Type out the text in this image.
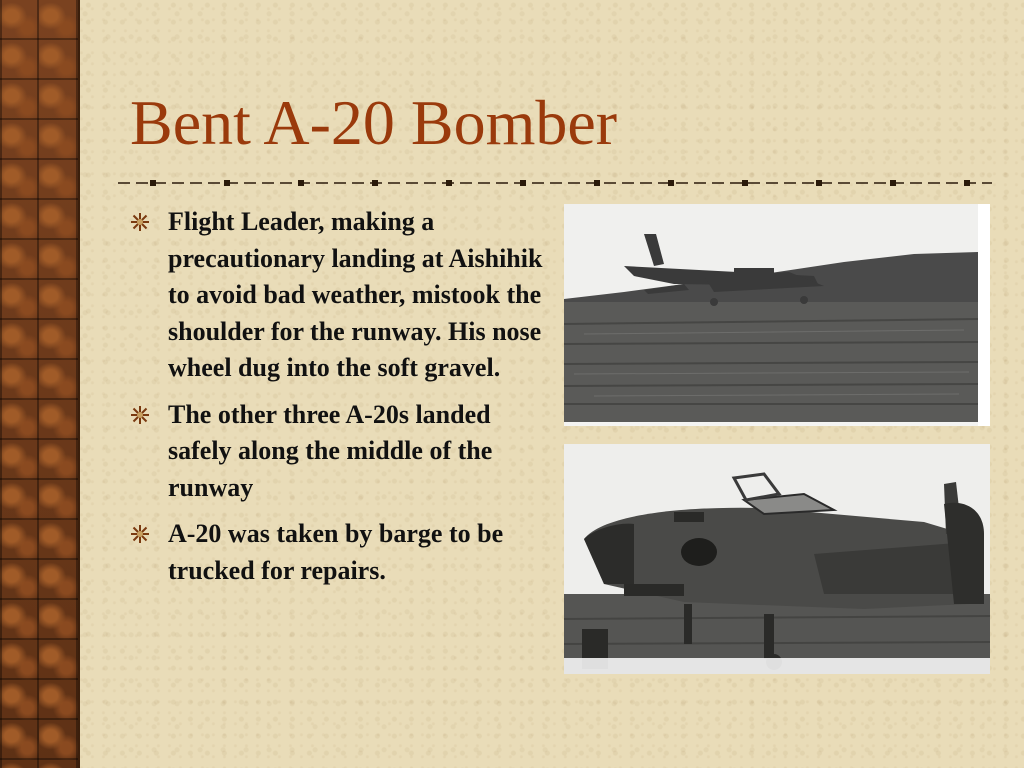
Bent A-20 Bomber
Flight Leader, making a precautionary landing at Aishihik to avoid bad weather, mistook the shoulder for the runway. His nose wheel dug into the soft gravel.
The other three A-20s landed safely along the middle of the runway
A-20 was taken by barge to be trucked for repairs.
